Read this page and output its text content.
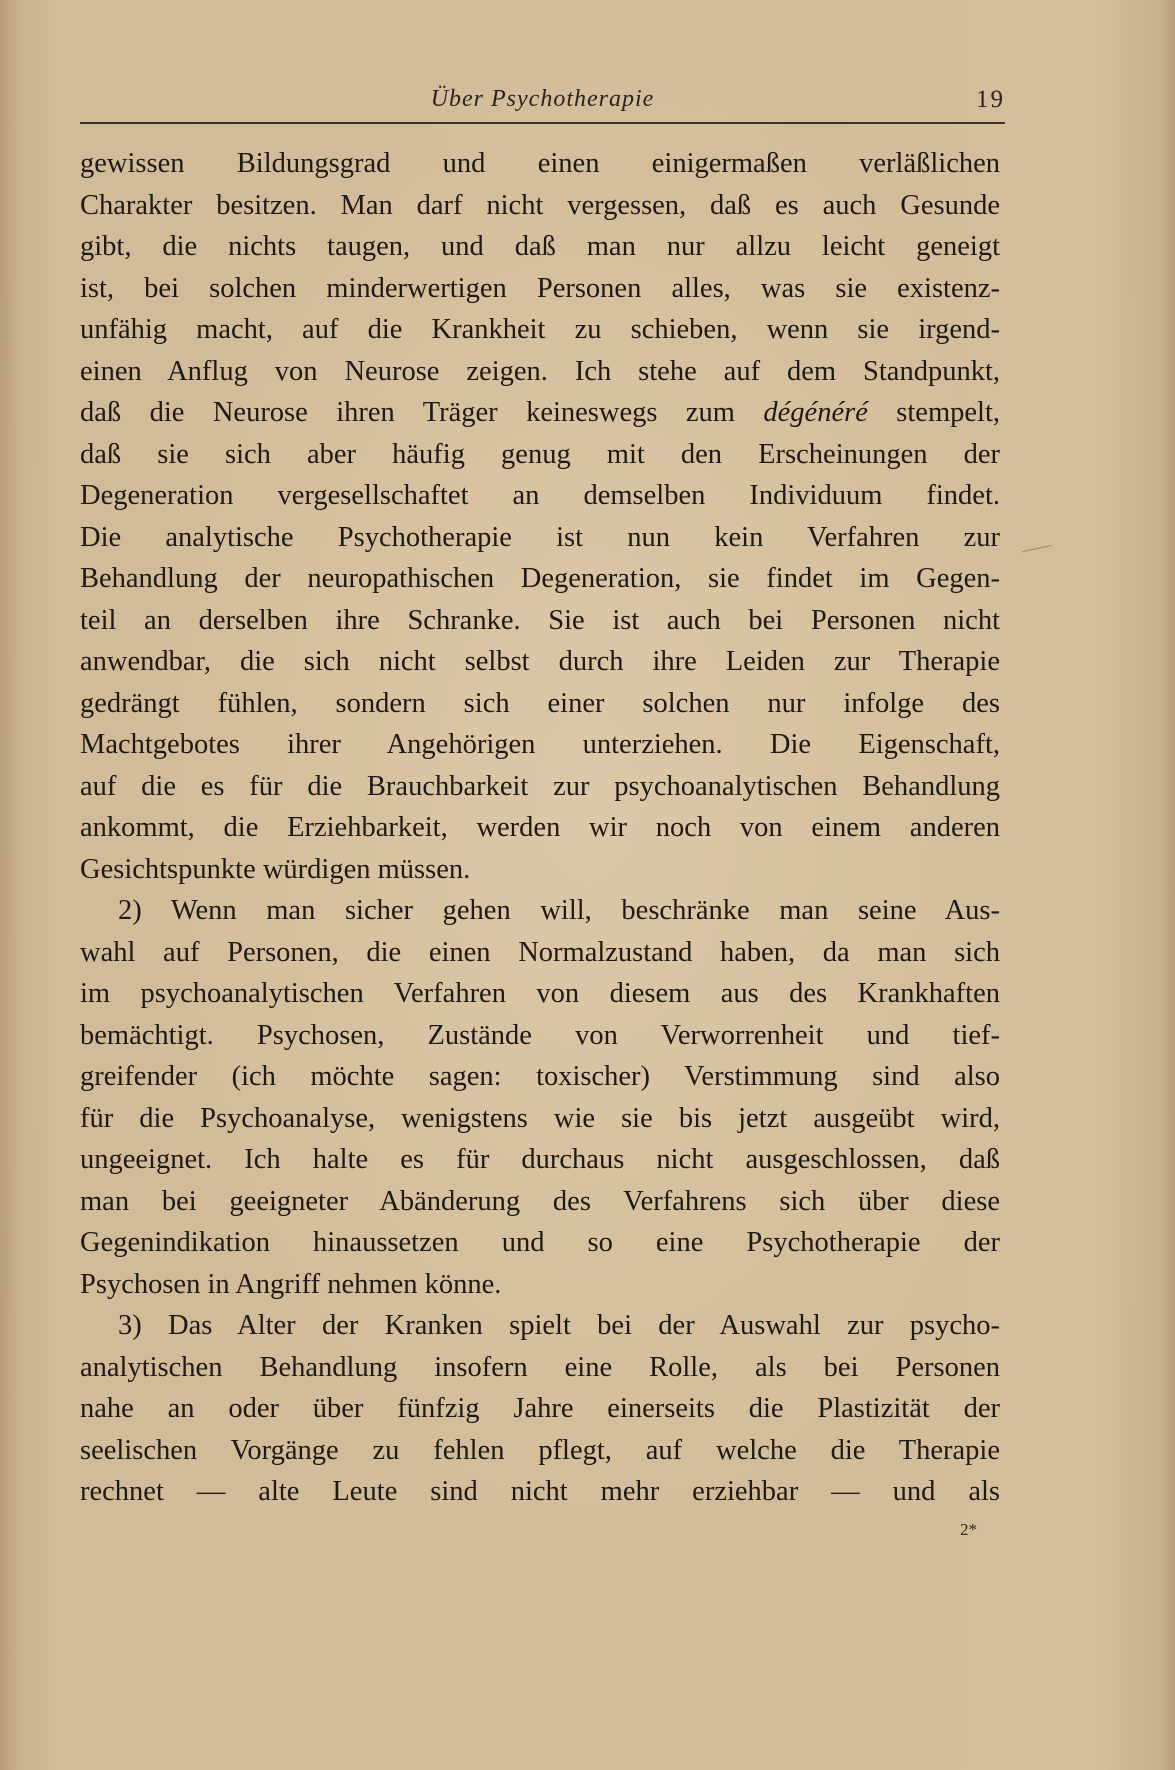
Über Psychotherapie	19
gewissen Bildungsgrad und einen einigermaßen verläßlichen
Charakter besitzen. Man darf nicht vergessen, daß es auch Gesunde
gibt, die nichts taugen, und daß man nur allzu leicht geneigt
ist, bei solchen minderwertigen Personen alles, was sie existenz-
unfähig macht, auf die Krankheit zu schieben, wenn sie irgend-
einen Anflug von Neurose zeigen. Ich stehe auf dem Standpunkt,
daß die Neurose ihren Träger keineswegs zum dégénéré stempelt,
daß sie sich aber häufig genug mit den Erscheinungen der
Degeneration vergesellschaftet an demselben Individuum findet.
Die analytische Psychotherapie ist nun kein Verfahren zur
Behandlung der neuropathischen Degeneration, sie findet im Gegen-
teil an derselben ihre Schranke. Sie ist auch bei Personen nicht
anwendbar, die sich nicht selbst durch ihre Leiden zur Therapie
gedrängt fühlen, sondern sich einer solchen nur infolge des
Machtgebotes ihrer Angehörigen unterziehen. Die Eigenschaft,
auf die es für die Brauchbarkeit zur psychoanalytischen Behandlung
ankommt, die Erziehbarkeit, werden wir noch von einem anderen
Gesichtspunkte würdigen müssen.
2) Wenn man sicher gehen will, beschränke man seine Aus-
wahl auf Personen, die einen Normalzustand haben, da man sich
im psychoanalytischen Verfahren von diesem aus des Krankhaften
bemächtigt. Psychosen, Zustände von Verworrenheit und tief-
greifender (ich möchte sagen: toxischer) Verstimmung sind also
für die Psychoanalyse, wenigstens wie sie bis jetzt ausgeübt wird,
ungeeignet. Ich halte es für durchaus nicht ausgeschlossen, daß
man bei geeigneter Abänderung des Verfahrens sich über diese
Gegenindikation hinaussetzen und so eine Psychotherapie der
Psychosen in Angriff nehmen könne.
3) Das Alter der Kranken spielt bei der Auswahl zur psycho-
analytischen Behandlung insofern eine Rolle, als bei Personen
nahe an oder über fünfzig Jahre einerseits die Plastizität der
seelischen Vorgänge zu fehlen pflegt, auf welche die Therapie
rechnet — alte Leute sind nicht mehr erziehbar — und als
2*
